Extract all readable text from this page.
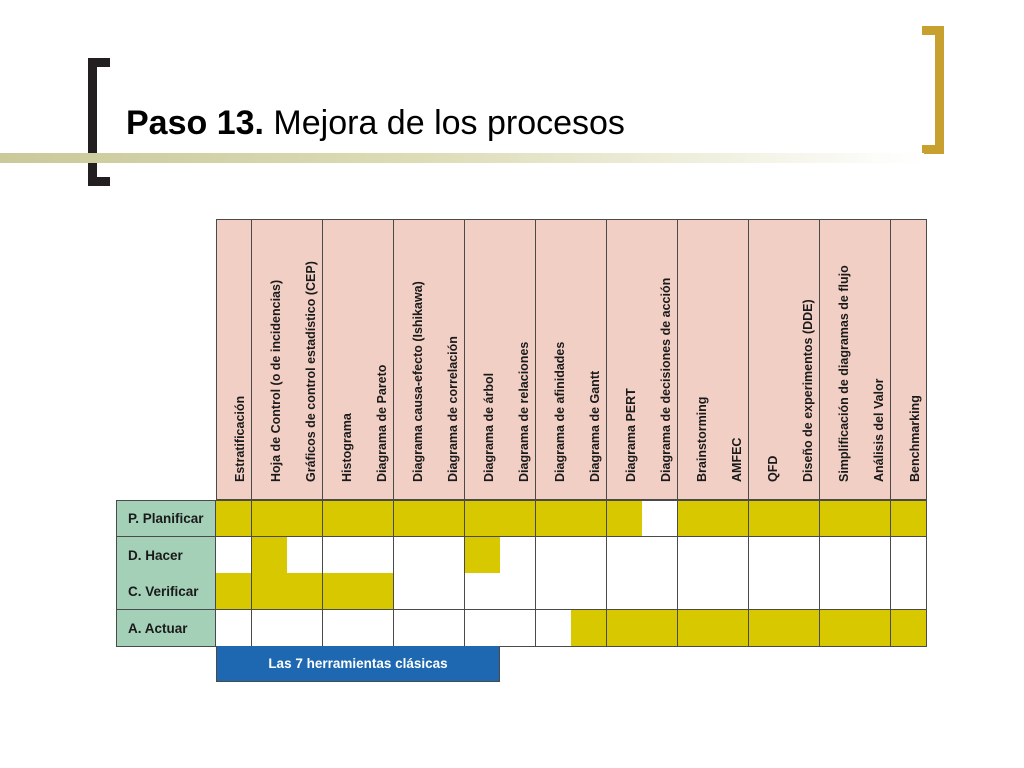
Paso 13. Mejora de los procesos
Estratificación Hoja de Control (o de incidencias) Gráficos de control estadístico (CEP) Histograma Diagrama de Pareto Diagrama causa-efecto (Ishikawa) Diagrama de correlación Diagrama de árbol Diagrama de relaciones Diagrama de afinidades Diagrama de Gantt Diagrama PERT Diagrama de decisiones de acción Brainstorming AMFEC QFD Diseño de experimentos (DDE) Simplificación de diagramas de flujo Análisis del Valor Benchmarking
P. Planificar
D. Hacer
C. Verificar
A. Actuar
Las 7 herramientas clásicas
